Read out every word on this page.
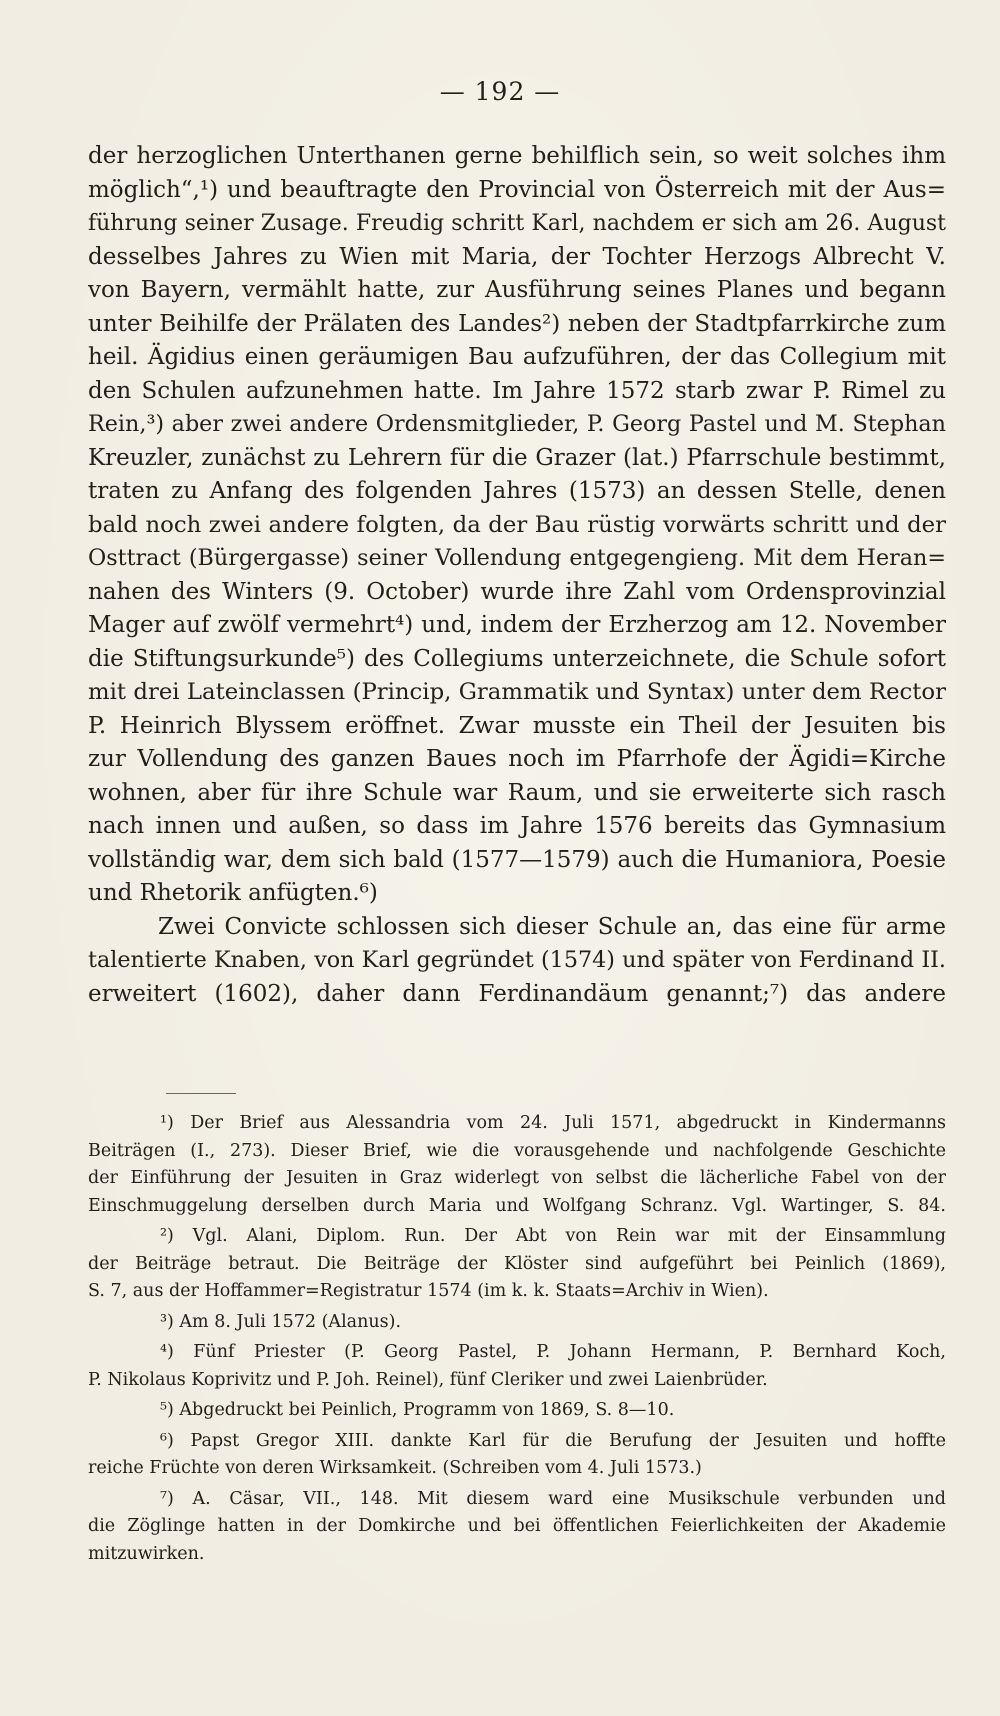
— 192 —
der herzoglichen Unterthanen gerne behilflich sein, so weit solches ihm
möglich“,¹) und beauftragte den Provincial von Österreich mit der Aus=
führung seiner Zusage. Freudig schritt Karl, nachdem er sich am 26. August
desselbes Jahres zu Wien mit Maria, der Tochter Herzogs Albrecht V.
von Bayern, vermählt hatte, zur Ausführung seines Planes und begann
unter Beihilfe der Prälaten des Landes²) neben der Stadtpfarrkirche zum
heil. Ägidius einen geräumigen Bau aufzuführen, der das Collegium mit
den Schulen aufzunehmen hatte. Im Jahre 1572 starb zwar P. Rimel zu
Rein,³) aber zwei andere Ordensmitglieder, P. Georg Pastel und M. Stephan
Kreuzler, zunächst zu Lehrern für die Grazer (lat.) Pfarrschule bestimmt,
traten zu Anfang des folgenden Jahres (1573) an dessen Stelle, denen
bald noch zwei andere folgten, da der Bau rüstig vorwärts schritt und der
Osttract (Bürgergasse) seiner Vollendung entgegengieng. Mit dem Heran=
nahen des Winters (9. October) wurde ihre Zahl vom Ordensprovinzial
Mager auf zwölf vermehrt⁴) und, indem der Erzherzog am 12. November
die Stiftungsurkunde⁵) des Collegiums unterzeichnete, die Schule sofort
mit drei Lateinclassen (Princip, Grammatik und Syntax) unter dem Rector
P. Heinrich Blyssem eröffnet. Zwar musste ein Theil der Jesuiten bis
zur Vollendung des ganzen Baues noch im Pfarrhofe der Ägidi=Kirche
wohnen, aber für ihre Schule war Raum, und sie erweiterte sich rasch
nach innen und außen, so dass im Jahre 1576 bereits das Gymnasium
vollständig war, dem sich bald (1577—1579) auch die Humaniora, Poesie
und Rhetorik anfügten.⁶)
Zwei Convicte schlossen sich dieser Schule an, das eine für arme
talentierte Knaben, von Karl gegründet (1574) und später von Ferdinand II.
erweitert (1602), daher dann Ferdinandäum genannt;⁷) das andere
¹) Der Brief aus Alessandria vom 24. Juli 1571, abgedruckt in Kindermanns
Beiträgen (I., 273). Dieser Brief, wie die vorausgehende und nachfolgende Geschichte
der Einführung der Jesuiten in Graz widerlegt von selbst die lächerliche Fabel von der
Einschmuggelung derselben durch Maria und Wolfgang Schranz. Vgl. Wartinger, S. 84.
²) Vgl. Alani, Diplom. Run. Der Abt von Rein war mit der Einsammlung
der Beiträge betraut. Die Beiträge der Klöster sind aufgeführt bei Peinlich (1869),
S. 7, aus der Hoffammer=Registratur 1574 (im k. k. Staats=Archiv in Wien).
³) Am 8. Juli 1572 (Alanus).
⁴) Fünf Priester (P. Georg Pastel, P. Johann Hermann, P. Bernhard Koch,
P. Nikolaus Koprivitz und P. Joh. Reinel), fünf Cleriker und zwei Laienbrüder.
⁵) Abgedruckt bei Peinlich, Programm von 1869, S. 8—10.
⁶) Papst Gregor XIII. dankte Karl für die Berufung der Jesuiten und hoffte
reiche Früchte von deren Wirksamkeit. (Schreiben vom 4. Juli 1573.)
⁷) A. Cäsar, VII., 148. Mit diesem ward eine Musikschule verbunden und
die Zöglinge hatten in der Domkirche und bei öffentlichen Feierlichkeiten der Akademie
mitzuwirken.
